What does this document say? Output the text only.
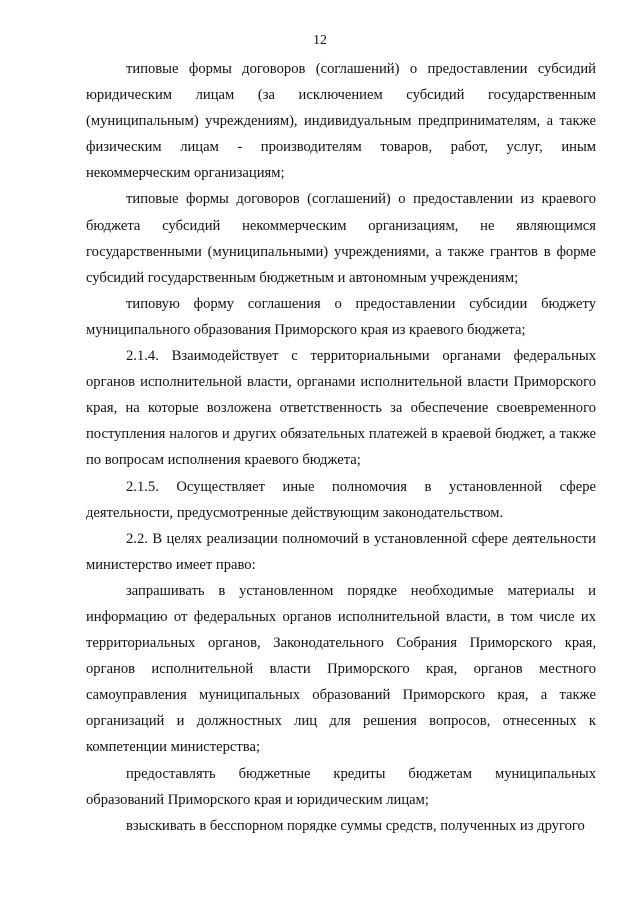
12

типовые формы договоров (соглашений) о предоставлении субсидий юридическим лицам (за исключением субсидий государственным (муниципальным) учреждениям), индивидуальным предпринимателям, а также физическим лицам - производителям товаров, работ, услуг, иным некоммерческим организациям;

типовые формы договоров (соглашений) о предоставлении из краевого бюджета субсидий некоммерческим организациям, не являющимся государственными (муниципальными) учреждениями, а также грантов в форме субсидий государственным бюджетным и автономным учреждениям;

типовую форму соглашения о предоставлении субсидии бюджету муниципального образования Приморского края из краевого бюджета;

2.1.4. Взаимодействует с территориальными органами федеральных органов исполнительной власти, органами исполнительной власти Приморского края, на которые возложена ответственность за обеспечение своевременного поступления налогов и других обязательных платежей в краевой бюджет, а также по вопросам исполнения краевого бюджета;

2.1.5. Осуществляет иные полномочия в установленной сфере деятельности, предусмотренные действующим законодательством.

2.2. В целях реализации полномочий в установленной сфере деятельности министерство имеет право:

запрашивать в установленном порядке необходимые материалы и информацию от федеральных органов исполнительной власти, в том числе их территориальных органов, Законодательного Собрания Приморского края, органов исполнительной власти Приморского края, органов местного самоуправления муниципальных образований Приморского края, а также организаций и должностных лиц для решения вопросов, отнесенных к компетенции министерства;

предоставлять бюджетные кредиты бюджетам муниципальных образований Приморского края и юридическим лицам;

взыскивать в бесспорном порядке суммы средств, полученных из другого
